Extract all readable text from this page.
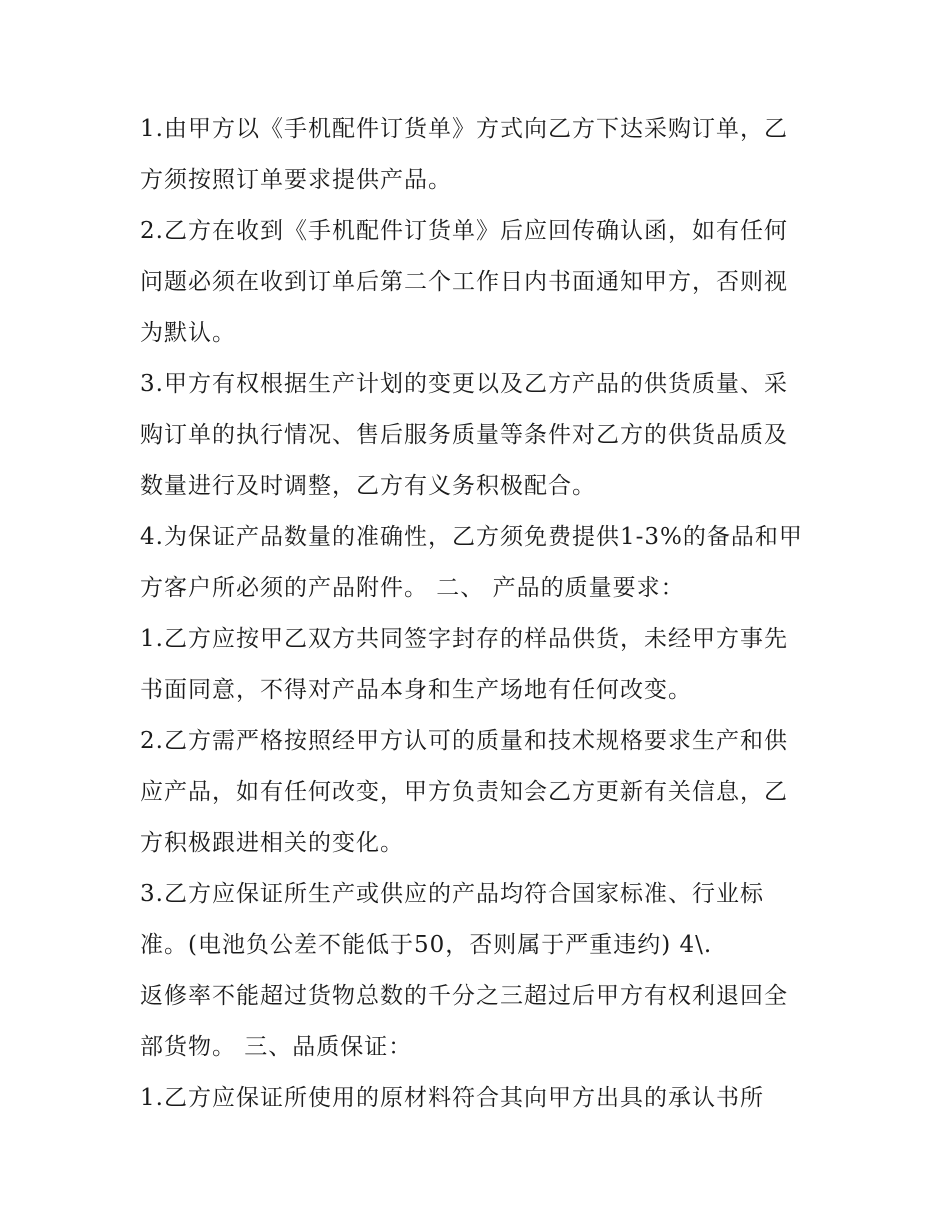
1.由甲方以《手机配件订货单》方式向乙方下达采购订单，乙
方须按照订单要求提供产品。
2.乙方在收到《手机配件订货单》后应回传确认函，如有任何
问题必须在收到订单后第二个工作日内书面通知甲方，否则视
为默认。
3.甲方有权根据生产计划的变更以及乙方产品的供货质量、采
购订单的执行情况、售后服务质量等条件对乙方的供货品质及
数量进行及时调整，乙方有义务积极配合。
4.为保证产品数量的准确性，乙方须免费提供1-3%的备品和甲
方客户所必须的产品附件。 二、 产品的质量要求：
1.乙方应按甲乙双方共同签字封存的样品供货，未经甲方事先
书面同意，不得对产品本身和生产场地有任何改变。
2.乙方需严格按照经甲方认可的质量和技术规格要求生产和供
应产品，如有任何改变，甲方负责知会乙方更新有关信息，乙
方积极跟进相关的变化。
3.乙方应保证所生产或供应的产品均符合国家标准、行业标
准。(电池负公差不能低于50，否则属于严重违约) 4\.
返修率不能超过货物总数的千分之三超过后甲方有权利退回全
部货物。 三、品质保证：
1.乙方应保证所使用的原材料符合其向甲方出具的承认书所
